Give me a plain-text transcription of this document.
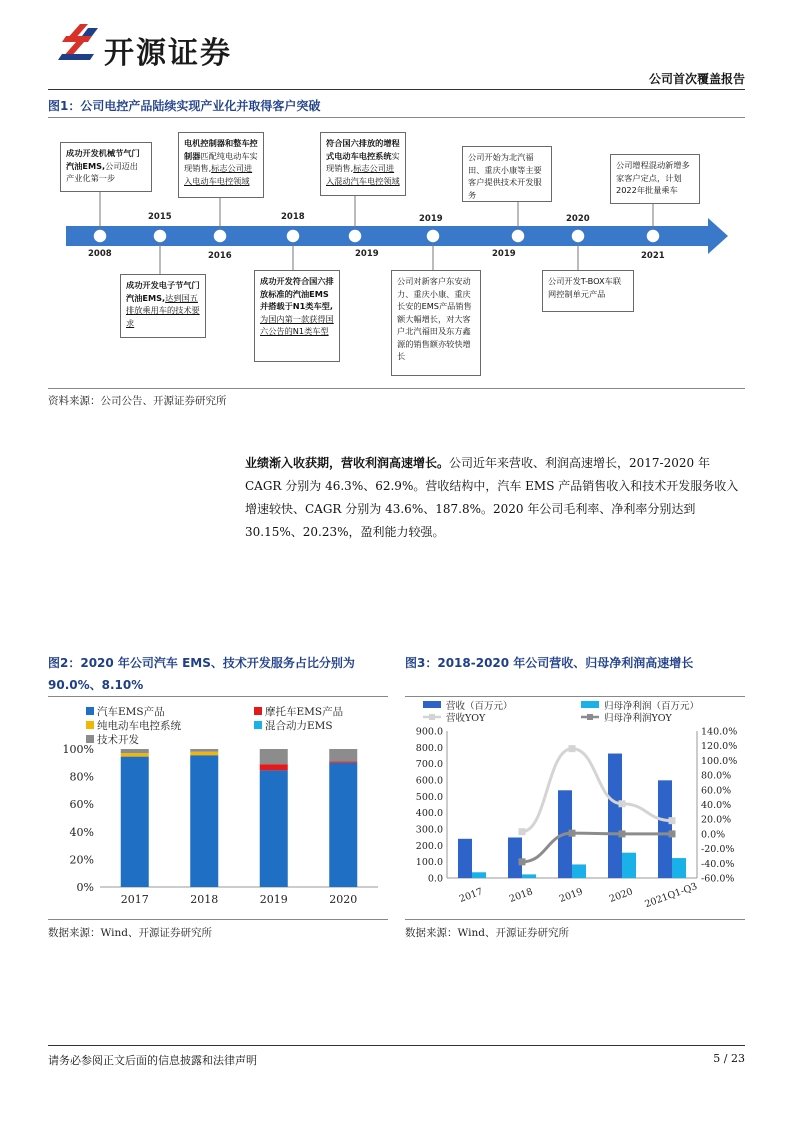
开源证券
公司首次覆盖报告
图1：公司电控产品陆续实现产业化并取得客户突破
2008
2015
2016
2018
2019
2019
2019
2020
2021
成功开发机械节气门汽油EMS,公司迈出产业化第一步
电机控制器和整车控制器匹配纯电动车实现销售,标志公司进入电动车电控领域
符合国六排放的增程式电动车电控系统实现销售,标志公司进入混动汽车电控领域
公司开始为北汽福田、重庆小康等主要客户提供技术开发服务
公司增程混动新增多家客户定点，计划2022年批量乘车
成功开发电子节气门汽油EMS,达到国五排放乘用车的技术要求
成功开发符合国六排放标准的汽油EMS并搭载于N1类车型,为国内第一款获得国六公告的N1类车型
公司对新客户东安动力、重庆小康、重庆长安的EMS产品销售额大幅增长，对大客户北汽福田及东方鑫源的销售额亦较快增长
公司开发T-BOX车联网控制单元产品
资料来源：公司公告、开源证券研究所
业绩渐入收获期，营收利润高速增长。公司近年来营收、利润高速增长，2017-2020 年 CAGR 分别为 46.3%、62.9%。营收结构中，汽车 EMS 产品销售收入和技术开发服务收入增速较快、CAGR 分别为 43.6%、187.8%。2020 年公司毛利率、净利率分别达到 30.15%、20.23%，盈利能力较强。
图2：2020 年公司汽车 EMS、技术开发服务占比分别为 90.0%、8.10%
汽车EMS产品	摩托车EMS产品
纯电动车电控系统	混合动力EMS
技术开发
0%
20%
40%
60%
80%
100%
2017	2018	2019	2020
数据来源：Wind、开源证券研究所
图3：2018-2020 年公司营收、归母净利润高速增长
营收（百万元）	归母净利润（百万元）
营收YOY	归母净利润YOY
0.0
100.0
200.0
300.0
400.0
500.0
600.0
700.0
800.0
900.0
-60.0%
-40.0%
-20.0%
0.0%
20.0%
40.0%
60.0%
80.0%
100.0%
120.0%
140.0%
2017 2018 2019 2020 2021Q1-Q3
数据来源：Wind、开源证券研究所
请务必参阅正文后面的信息披露和法律声明	5 / 23
